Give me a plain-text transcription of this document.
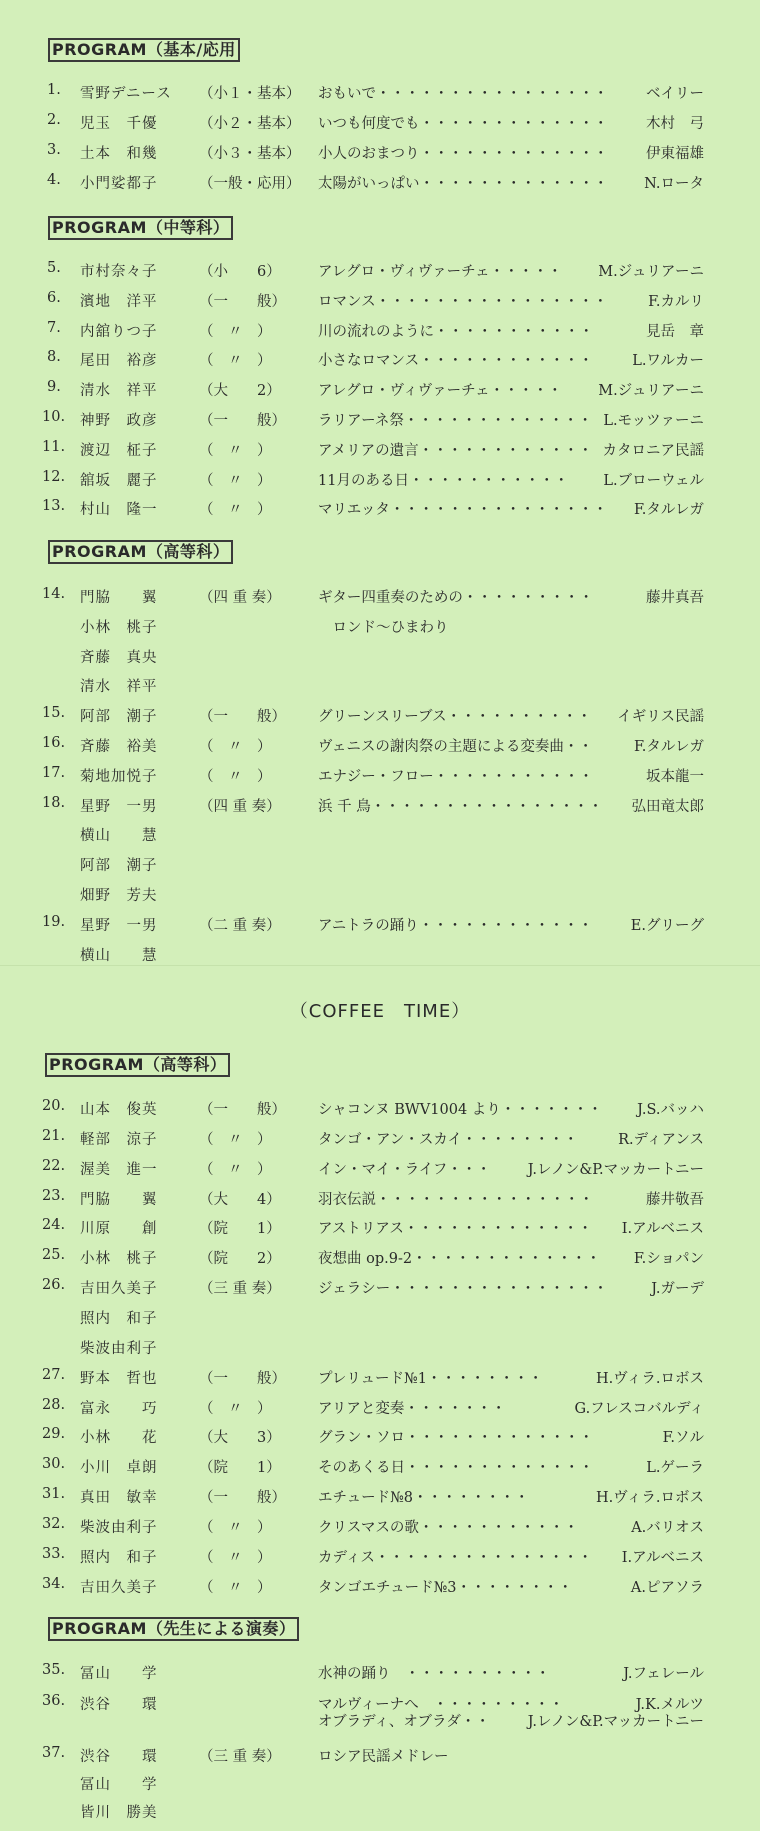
PROGRAM（基本/応用
1. 雪野デニース （小１・基本） おもいで・・・・・・・・・・・・・・・・	ベイリー
2. 児玉　千優	（小２・基本） いつも何度でも・・・・・・・・・・・・・	木村　弓
3. 土本　和幾	（小３・基本） 小人のおまつり・・・・・・・・・・・・・	伊東福雄
4. 小門娑都子	（一般・応用） 太陽がいっぱい・・・・・・・・・・・・・ N.ロータ
PROGRAM（中等科）
5. 市村奈々子	（小　　6）	アレグロ・ヴィヴァーチェ・・・・・ M.ジュリアーニ
6. 濱地　洋平	（一　　般） ロマンス・・・・・・・・・・・・・・・・	F.カルリ
7. 内舘りつ子	（　〃　）	川の流れのように・・・・・・・・・・・	見岳　章
8. 尾田　裕彦	（　〃　）	小さなロマンス・・・・・・・・・・・・	L.ワルカー
9. 清水　祥平	（大　　2）	アレグロ・ヴィヴァーチェ・・・・・ M.ジュリアーニ
10. 神野　政彦	（一　　般） ラリアーネ祭・・・・・・・・・・・・・ L.モッツァーニ
11. 渡辺　柾子	（　〃　）	アメリアの遺言・・・・・・・・・・・・ カタロニア民謡
12. 舘坂　麗子	（　〃　）	11月のある日・・・・・・・・・・・ L.ブローウェル
13. 村山　隆一	（　〃　）	マリエッタ・・・・・・・・・・・・・・・ F.タルレガ
PROGRAM（高等科）
14. 門脇　　翼	（四 重 奏）	ギター四重奏のための・・・・・・・・・	藤井真吾
小林　桃子	　ロンド～ひまわり
斉藤　真央
清水　祥平
15. 阿部　潮子	（一　　般） グリーンスリーブス・・・・・・・・・・ イギリス民謡
16. 斉藤　裕美	（　〃　）	ヴェニスの謝肉祭の主題による変奏曲・・	F.タルレガ
17. 菊地加悦子	（　〃　）	エナジー・フロー・・・・・・・・・・・	坂本龍一
18. 星野　一男	（四 重 奏）	浜 千 鳥・・・・・・・・・・・・・・・・ 弘田竜太郎
横山　　慧
阿部　潮子
畑野　芳夫
19. 星野　一男	（二 重 奏）	アニトラの踊り・・・・・・・・・・・・	E.グリーグ
横山　　慧
PROGRAM（高等科）
20. 山本　俊英	（一　　般） シャコンヌ BWV1004 より・・・・・・・ J.S.バッハ
21. 軽部　涼子	（　〃　）	タンゴ・アン・スカイ・・・・・・・・	R.ディアンス
22. 渥美　進一	（　〃　）	イン・マイ・ライフ・・・	J.レノン&P.マッカートニー
23. 門脇　　翼	（大　　4）	羽衣伝説・・・・・・・・・・・・・・・	藤井敬吾
24. 川原　　創	（院　　1）	アストリアス・・・・・・・・・・・・・ I.アルベニス
25. 小林　桃子	（院　　2）	夜想曲 op.9-2・・・・・・・・・・・・・ F.ショパン
26. 吉田久美子	（三 重 奏）	ジェラシー・・・・・・・・・・・・・・・	J.ガーデ
照内　和子
柴波由利子
27. 野本　哲也	（一　　般） プレリュード№1・・・・・・・・	H.ヴィラ.ロボス
28. 富永　　巧	（　〃　）	アリアと変奏・・・・・・・	G.フレスコバルディ
29. 小林　　花	（大　　3）	グラン・ソロ・・・・・・・・・・・・・	F.ソル
30. 小川　卓朗	（院　　1）	そのあくる日・・・・・・・・・・・・・	L.ゲーラ
31. 真田　敏幸	（一　　般） エチュード№8・・・・・・・・	H.ヴィラ.ロボス
32. 柴波由利子	（　〃　）	クリスマスの歌・・・・・・・・・・・	A.バリオス
33. 照内　和子	（　〃　）	カディス・・・・・・・・・・・・・・・ I.アルベニス
34. 吉田久美子	（　〃　）	タンゴエチュード№3・・・・・・・・	A.ピアソラ
PROGRAM（先生による演奏）
35. 冨山　　学	水神の踊り　・・・・・・・・・・	J.フェレール
36. 渋谷　　環	マルヴィーナへ　・・・・・・・・・	J.K.メルツ
オブラディ、オブラダ・・	J.レノン&P.マッカートニー
37. 渋谷　　環	（三 重 奏）	ロシア民謡メドレー
冨山　　学
皆川　勝美
（COFFEE　TIME）
